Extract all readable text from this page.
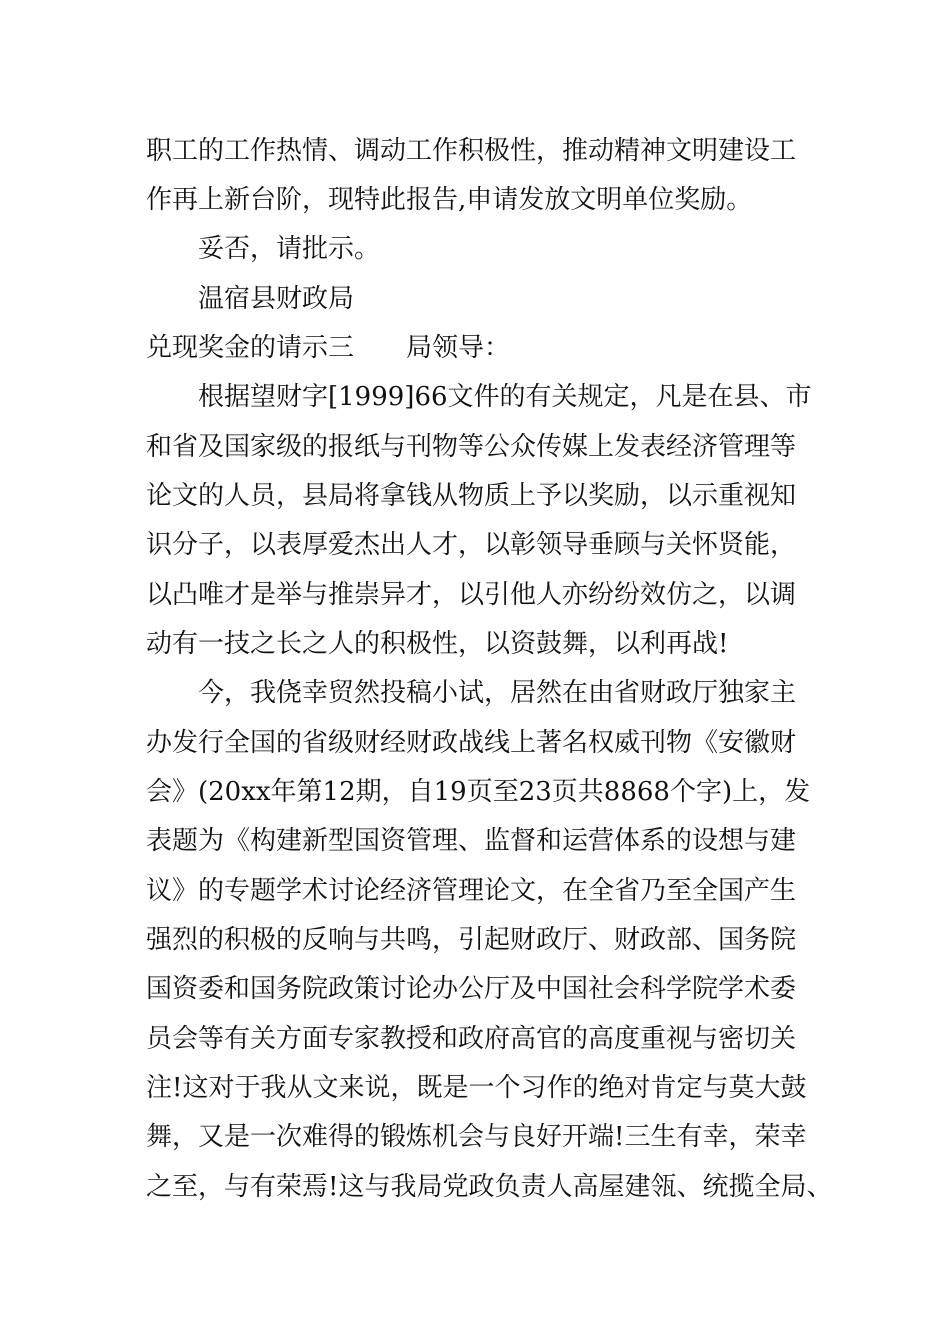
职工的工作热情、调动工作积极性，推动精神文明建设工
作再上新台阶，现特此报告,申请发放文明单位奖励。
妥否，请批示。
温宿县财政局
兑现奖金的请示三 局领导：
根据望财字[1999]66文件的有关规定，凡是在县、市
和省及国家级的报纸与刊物等公众传媒上发表经济管理等
论文的人员，县局将拿钱从物质上予以奖励，以示重视知
识分子，以表厚爱杰出人才，以彰领导垂顾与关怀贤能，
以凸唯才是举与推崇异才，以引他人亦纷纷效仿之，以调
动有一技之长之人的积极性，以资鼓舞，以利再战!
今，我侥幸贸然投稿小试，居然在由省财政厅独家主
办发行全国的省级财经财政战线上著名权威刊物《安徽财
会》(20xx年第12期，自19页至23页共8868个字)上，发
表题为《构建新型国资管理、监督和运营体系的设想与建
议》的专题学术讨论经济管理论文，在全省乃至全国产生
强烈的积极的反响与共鸣，引起财政厅、财政部、国务院
国资委和国务院政策讨论办公厅及中国社会科学院学术委
员会等有关方面专家教授和政府高官的高度重视与密切关
注!这对于我从文来说，既是一个习作的绝对肯定与莫大鼓
舞，又是一次难得的锻炼机会与良好开端!三生有幸，荣幸
之至，与有荣焉!这与我局党政负责人高屋建瓴、统揽全局、
